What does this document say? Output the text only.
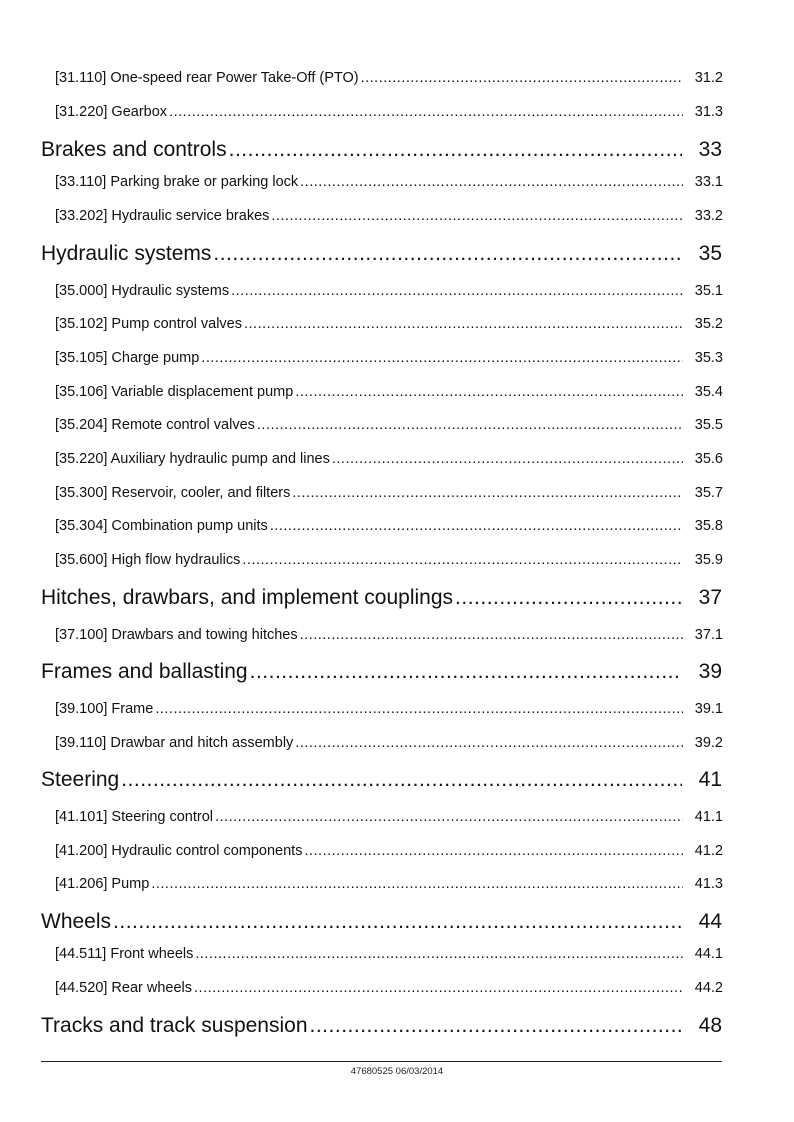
[31.110] One-speed rear Power Take-Off (PTO) .....	31.2
[31.220] Gearbox .....	31.3
Brakes and controls .....	33
[33.110] Parking brake or parking lock .....	33.1
[33.202] Hydraulic service brakes .....	33.2
Hydraulic systems .....	35
[35.000] Hydraulic systems .....	35.1
[35.102] Pump control valves .....	35.2
[35.105] Charge pump .....	35.3
[35.106] Variable displacement pump .....	35.4
[35.204] Remote control valves .....	35.5
[35.220] Auxiliary hydraulic pump and lines .....	35.6
[35.300] Reservoir, cooler, and filters .....	35.7
[35.304] Combination pump units .....	35.8
[35.600] High flow hydraulics .....	35.9
Hitches, drawbars, and implement couplings .....	37
[37.100] Drawbars and towing hitches .....	37.1
Frames and ballasting .....	39
[39.100] Frame .....	39.1
[39.110] Drawbar and hitch assembly .....	39.2
Steering .....	41
[41.101] Steering control .....	41.1
[41.200] Hydraulic control components .....	41.2
[41.206] Pump .....	41.3
Wheels .....	44
[44.511] Front wheels .....	44.1
[44.520] Rear wheels .....	44.2
Tracks and track suspension .....	48
47680525 06/03/2014
